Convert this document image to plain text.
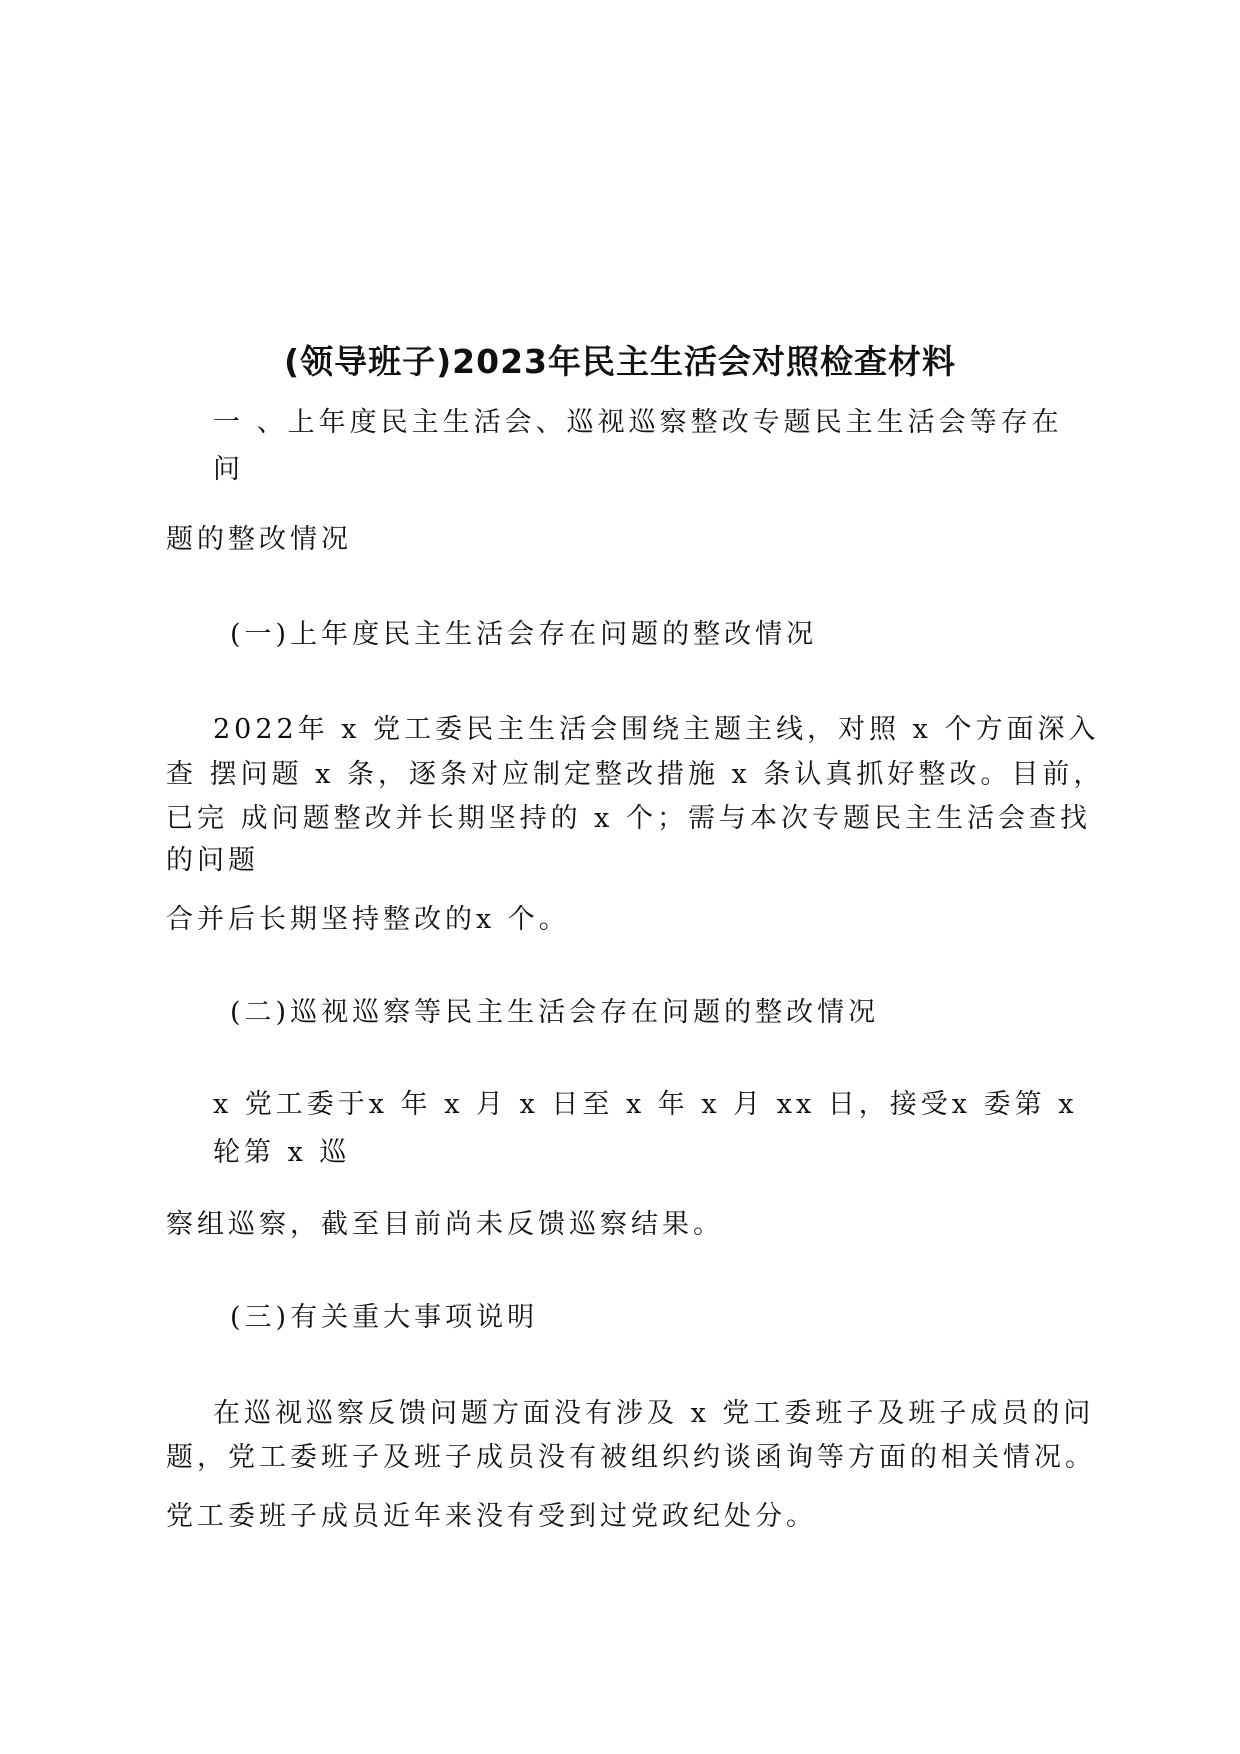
(领导班子)2023年民主生活会对照检查材料
一 、上年度民主生活会、巡视巡察整改专题民主生活会等存在
问
题的整改情况
(一)上年度民主生活会存在问题的整改情况
2022年 x 党工委民主生活会围绕主题主线，对照 x 个方面深入
查 摆问题 x 条，逐条对应制定整改措施 x 条认真抓好整改。目前，
已完 成问题整改并长期坚持的 x 个；需与本次专题民主生活会查找
的问题
合并后长期坚持整改的x 个。
(二)巡视巡察等民主生活会存在问题的整改情况
x 党工委于x 年 x 月 x 日至 x 年 x 月 xx 日，接受x 委第 x
轮第 x 巡
察组巡察，截至目前尚未反馈巡察结果。
(三)有关重大事项说明
在巡视巡察反馈问题方面没有涉及 x 党工委班子及班子成员的问
题，党工委班子及班子成员没有被组织约谈函询等方面的相关情况。
党工委班子成员近年来没有受到过党政纪处分。
